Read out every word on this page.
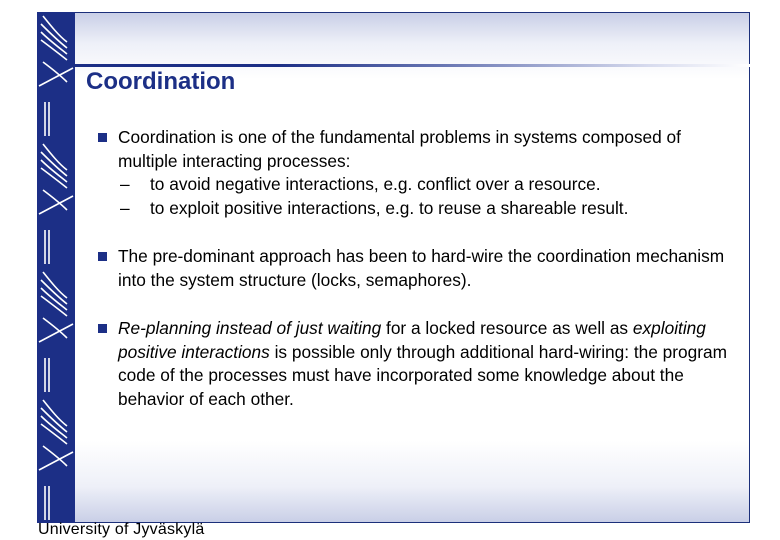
Coordination
Coordination is one of the fundamental problems in systems composed of multiple interacting processes:
– to avoid negative interactions, e.g. conflict over a resource.
– to exploit positive interactions, e.g. to reuse a shareable result.
The pre-dominant approach has been to hard-wire the coordination mechanism into the system structure (locks, semaphores).
Re-planning instead of just waiting for a locked resource as well as exploiting positive interactions is possible only through additional hard-wiring: the program code of the processes must have incorporated some knowledge about the behavior of each other.
University of Jyväskylä
